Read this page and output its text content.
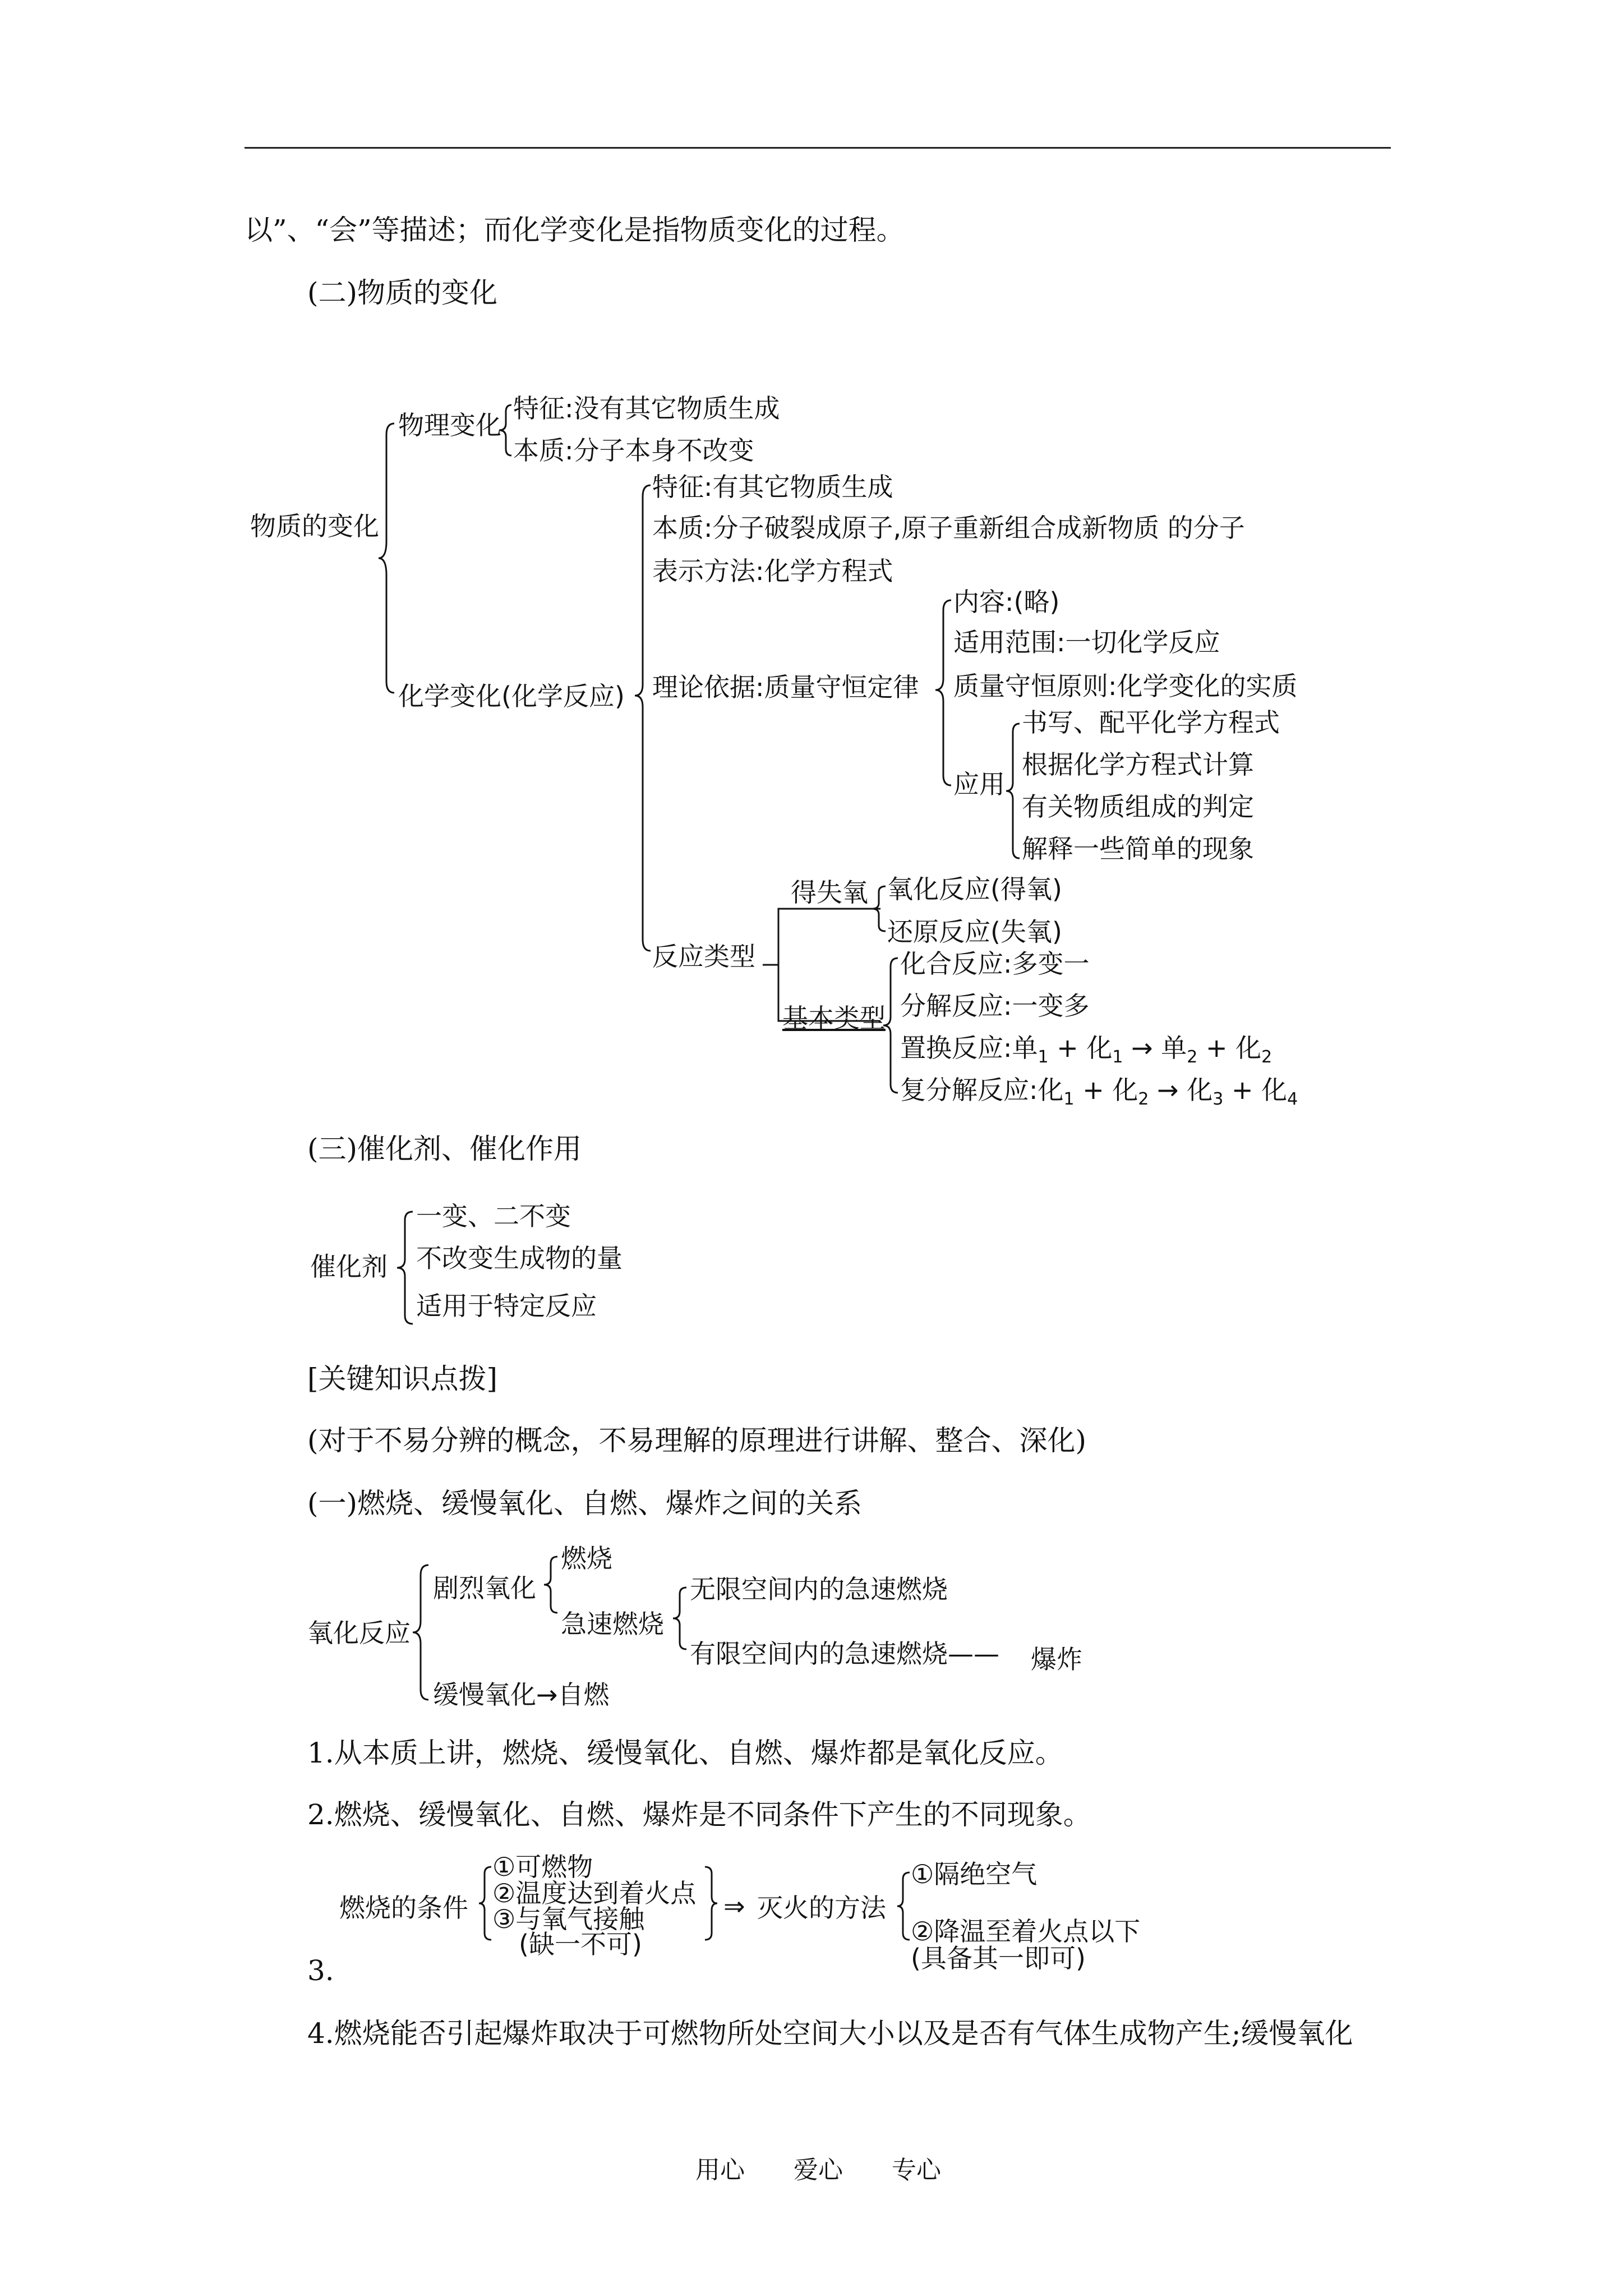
以”、“会”等描述；而化学变化是指物质变化的过程。
(二)物质的变化
物质的变化
物理变化
特征:没有其它物质生成
本质:分子本身不改变
化学变化(化学反应)
特征:有其它物质生成
本质:分子破裂成原子,原子重新组合成新物质 的分子
表示方法:化学方程式
理论依据:质量守恒定律
内容:(略)
适用范围:一切化学反应
质量守恒原则:化学变化的实质
应用
书写、配平化学方程式
根据化学方程式计算
有关物质组成的判定
解释一些简单的现象
反应类型
得失氧 氧化反应(得氧)
还原反应(失氧)
基本类型
化合反应:多变一
分解反应:一变多
置换反应:单$_1$ + 化$_1$ → 单$_2$ + 化$_2$
复分解反应:化$_1$ + 化$_2$ → 化$_3$ + 化$_4$
(三)催化剂、催化作用
催化剂
一变、二不变
不改变生成物的量
适用于特定反应
[关键知识点拨]
(对于不易分辨的概念，不易理解的原理进行讲解、整合、深化)
(一)燃烧、缓慢氧化、自燃、爆炸之间的关系
氧化反应
剧烈氧化
燃烧
急速燃烧
无限空间内的急速燃烧
有限空间内的急速燃烧—— 爆炸
缓慢氧化→自燃
1.从本质上讲，燃烧、缓慢氧化、自燃、爆炸都是氧化反应。
2.燃烧、缓慢氧化、自燃、爆炸是不同条件下产生的不同现象。
燃烧的条件
①可燃物
②温度达到着火点
③与氧气接触
(缺一不可)
⇒ 灭火的方法
①隔绝空气
②降温至着火点以下
(具备其一即可)
3.
4.燃烧能否引起爆炸取决于可燃物所处空间大小以及是否有气体生成物产生;缓慢氧化
用心 爱心 专心
